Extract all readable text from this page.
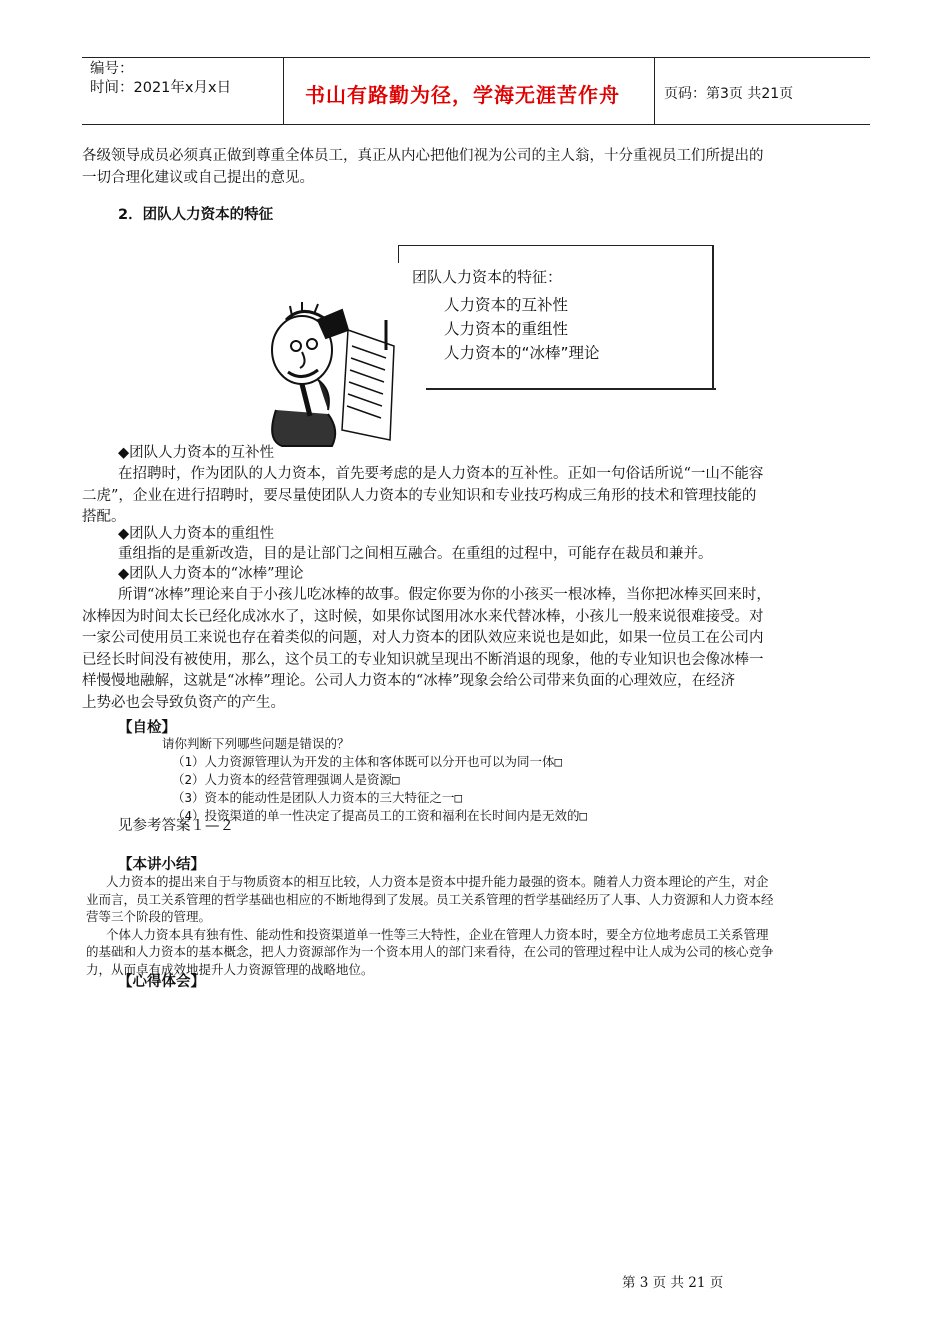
编号：
时间：2021年x月x日	书山有路勤为径，学海无涯苦作舟	页码：第3页 共21页
各级领导成员必须真正做到尊重全体员工，真正从内心把他们视为公司的主人翁，十分重视员工们所提出的
一切合理化建议或自己提出的意见。
2．团队人力资本的特征
团队人力资本的特征：
人力资本的互补性
人力资本的重组性
人力资本的“冰棒”理论
◆团队人力资本的互补性
在招聘时，作为团队的人力资本，首先要考虑的是人力资本的互补性。正如一句俗话所说“一山不能容
二虎”，企业在进行招聘时，要尽量使团队人力资本的专业知识和专业技巧构成三角形的技术和管理技能的
搭配。
◆团队人力资本的重组性
重组指的是重新改造，目的是让部门之间相互融合。在重组的过程中，可能存在裁员和兼并。
◆团队人力资本的“冰棒”理论
所谓“冰棒”理论来自于小孩儿吃冰棒的故事。假定你要为你的小孩买一根冰棒，当你把冰棒买回来时，
冰棒因为时间太长已经化成冰水了，这时候，如果你试图用冰水来代替冰棒，小孩儿一般来说很难接受。对
一家公司使用员工来说也存在着类似的问题，对人力资本的团队效应来说也是如此，如果一位员工在公司内
已经长时间没有被使用，那么，这个员工的专业知识就呈现出不断消退的现象，他的专业知识也会像冰棒一
样慢慢地融解，这就是“冰棒”理论。公司人力资本的“冰棒”现象会给公司带来负面的心理效应，在经济
上势必也会导致负资产的产生。
【自检】
请你判断下列哪些问题是错误的？
（1）人力资源管理认为开发的主体和客体既可以分开也可以为同一体□
（2）人力资本的经营管理强调人是资源□
（3）资本的能动性是团队人力资本的三大特征之一□
（4）投资渠道的单一性决定了提高员工的工资和福利在长时间内是无效的□
见参考答案１—２
【本讲小结】
人力资本的提出来自于与物质资本的相互比较，人力资本是资本中提升能力最强的资本。随着人力资本理论的产生，对企
业而言，员工关系管理的哲学基础也相应的不断地得到了发展。员工关系管理的哲学基础经历了人事、人力资源和人力资本经
营等三个阶段的管理。
个体人力资本具有独有性、能动性和投资渠道单一性等三大特性，企业在管理人力资本时，要全方位地考虑员工关系管理
的基础和人力资本的基本概念，把人力资源部作为一个资本用人的部门来看待，在公司的管理过程中让人成为公司的核心竞争
力，从而卓有成效地提升人力资源管理的战略地位。
【心得体会】
第 3 页 共 21 页
